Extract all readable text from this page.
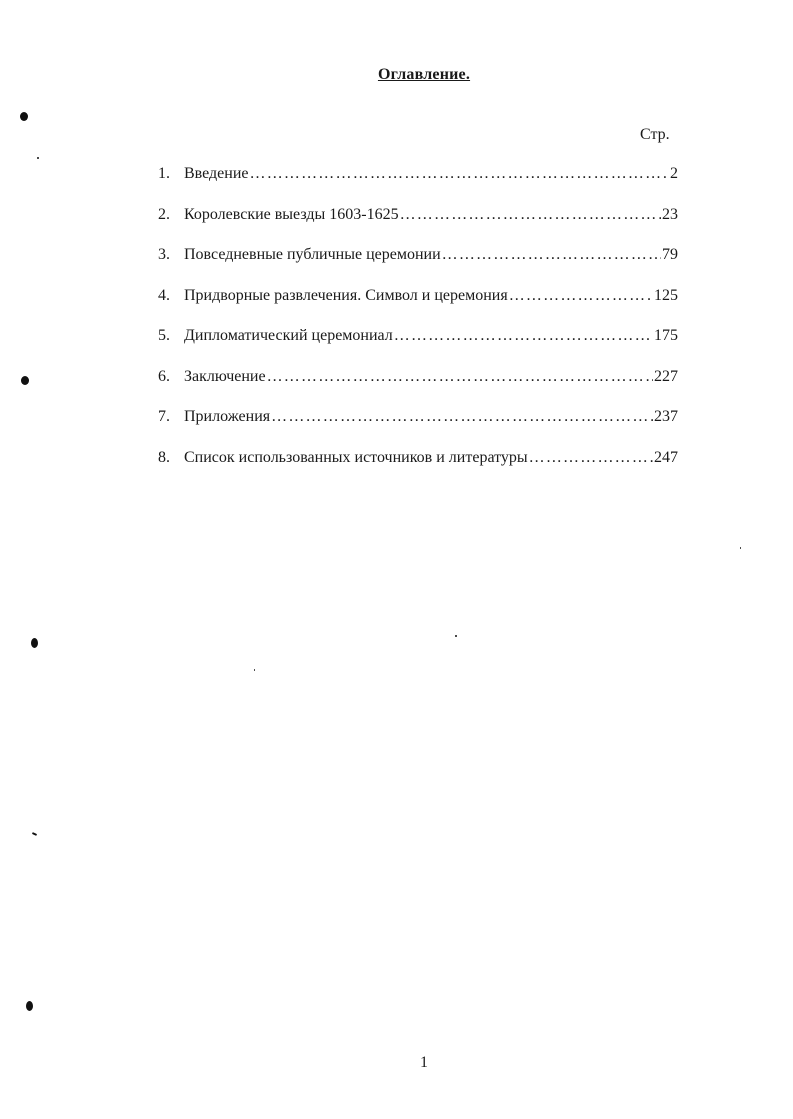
Оглавление.
Стр.
1. Введение ……………………………………………………………………………………………………………………………………	2
2. Королевские выезды 1603-1625 ……………………………………………………………………………………………………………………………………	23
3. Повседневные публичные церемонии ……………………………………………………………………………………………………………………………………	79
4. Придворные развлечения. Символ и церемония ……………………………………………………………………………………………………………………………………	125
5. Дипломатический церемониал ……………………………………………………………………………………………………………………………………	175
6. Заключение ……………………………………………………………………………………………………………………………………	227
7. Приложения ……………………………………………………………………………………………………………………………………	237
8. Список использованных источников и литературы ……………………………………………………………………………………………………………………………………	247
1
